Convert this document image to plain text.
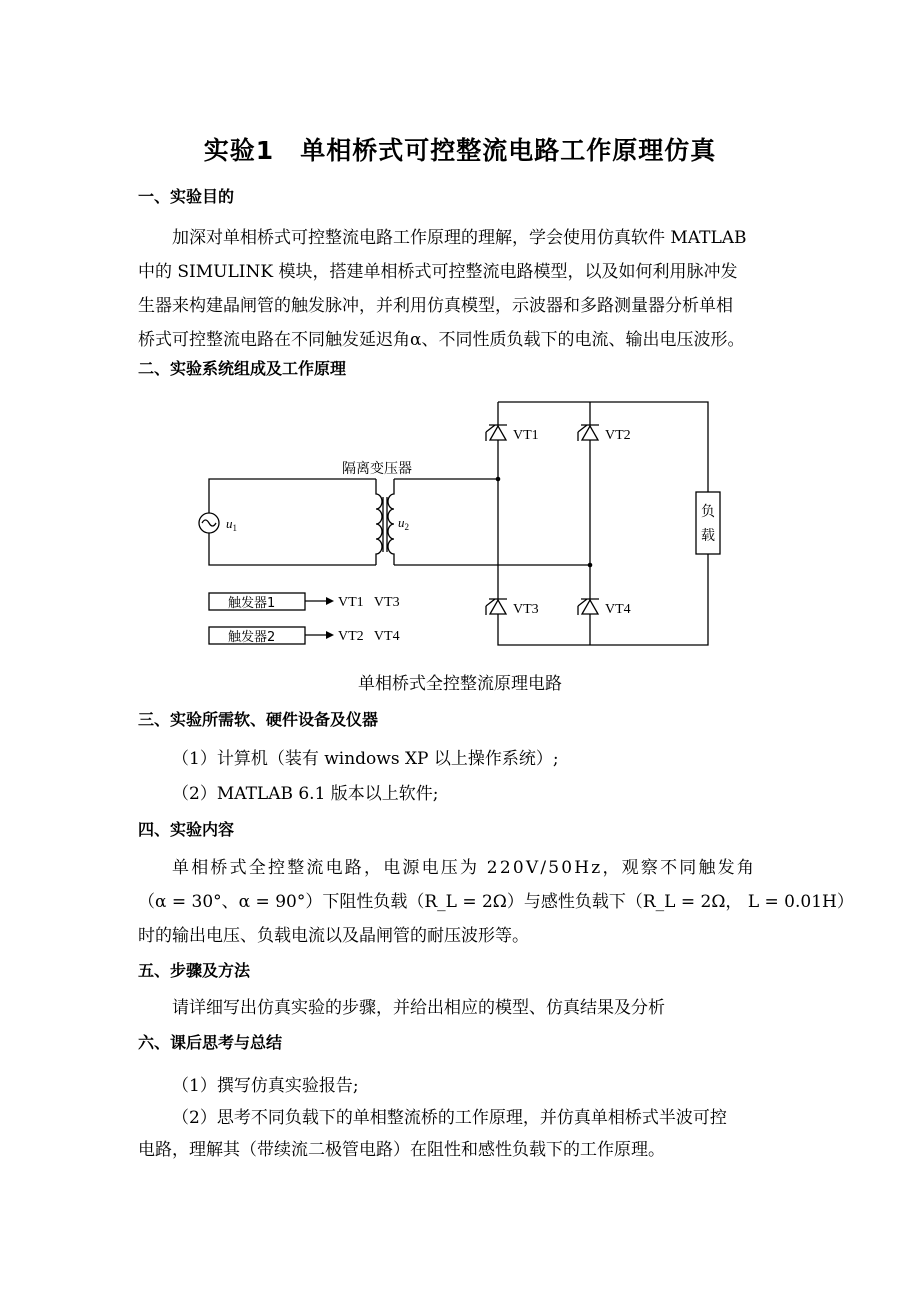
实验1　单相桥式可控整流电路工作原理仿真
一、实验目的
加深对单相桥式可控整流电路工作原理的理解，学会使用仿真软件 MATLAB
中的 SIMULINK 模块，搭建单相桥式可控整流电路模型，以及如何利用脉冲发
生器来构建晶闸管的触发脉冲，并利用仿真模型，示波器和多路测量器分析单相
桥式可控整流电路在不同触发延迟角α、不同性质负载下的电流、输出电压波形。
二、实验系统组成及工作原理
隔离变压器
$u_1$	$u_2$
VT1	VT2
VT3	VT4
负
载
触发器1
触发器2
VT1   VT3
VT2   VT4
单相桥式全控整流原理电路
三、实验所需软、硬件设备及仪器
（1）计算机（装有 windows XP 以上操作系统）;
（2）MATLAB 6.1 版本以上软件;
四、实验内容
单相桥式全控整流电路，电源电压为 220V/50Hz，观察不同触发角
（α = 30°、α = 90°）下阻性负载（R_L = 2Ω）与感性负载下（R_L = 2Ω， L = 0.01H）
时的输出电压、负载电流以及晶闸管的耐压波形等。
五、步骤及方法
请详细写出仿真实验的步骤，并给出相应的模型、仿真结果及分析
六、课后思考与总结
（1）撰写仿真实验报告;
（2）思考不同负载下的单相整流桥的工作原理，并仿真单相桥式半波可控
电路，理解其（带续流二极管电路）在阻性和感性负载下的工作原理。
